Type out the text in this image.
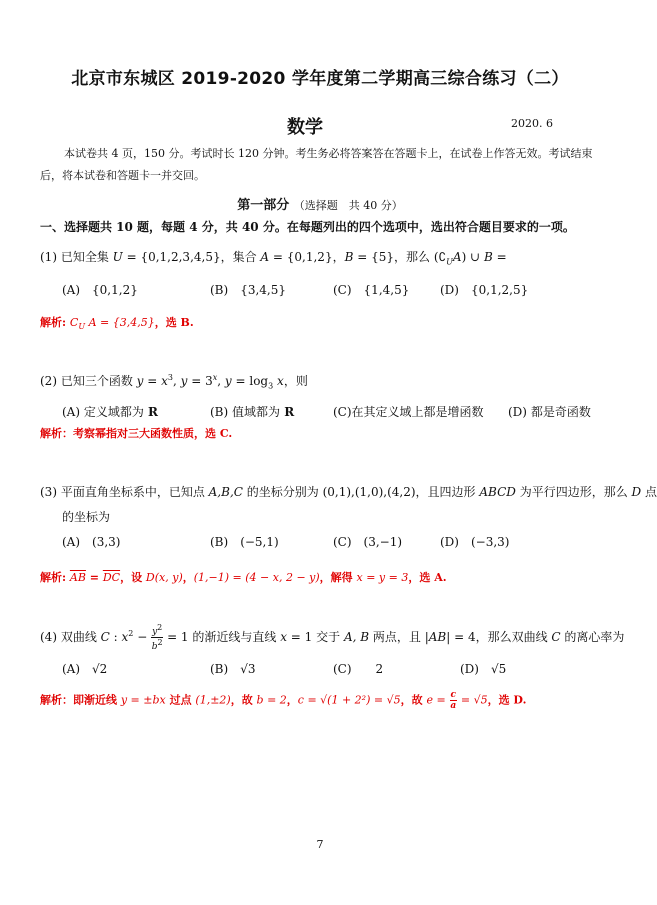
北京市东城区 2019-2020 学年度第二学期高三综合练习（二）
数学	2020. 6
本试卷共 4 页，150 分。考试时长 120 分钟。考生务必将答案答在答题卡上，在试卷上作答无效。考试结束后，将本试卷和答题卡一并交回。
第一部分 （选择题　共 40 分）
一、选择题共 10 题，每题 4 分，共 40 分。在每题列出的四个选项中，选出符合题目要求的一项。
(1) 已知全集 U = {0,1,2,3,4,5}，集合 A = {0,1,2}，B = {5}，那么 $(∁_UA)$ ∪ B =
(A)　{0,1,2}	(B)　{3,4,5}	(C)　{1,4,5}	(D)　{0,1,2,5}
解析: $C_U$ A = {3,4,5}，选 B.
(2) 已知三个函数 $y = x^3$, $y = 3^x$, $y = \log_3 x$，则
(A) 定义域都为 R	(B) 值域都为 R	(C)在其定义域上都是增函数 (D) 都是奇函数
解析：考察幂指对三大函数性质，选 C.
(3) 平面直角坐标系中，已知点 A,B,C 的坐标分别为 (0,1),(1,0),(4,2)，且四边形 ABCD 为平行四边形，那么 D 点
的坐标为
(A)　(3,3)	(B)　(−5,1)	(C)　(3,−1)	(D)　(−3,3)
解析: $\overline{AB} = \overline{DC}$，设 D(x, y)，(1,−1) = (4 − x, 2 − y)，解得 x = y = 3，选 A.
(4) 双曲线 C : $x^2 - \frac{y^2}{b^2} = 1$ 的渐近线与直线 x = 1 交于 A, B 两点，且 |AB| = 4，那么双曲线 C 的离心率为
(A)　√2	(B)　√3	(C)　　2	(D)　√5
解析：即渐近线 y = ±bx 过点 (1,±2)，故 b = 2，c = √(1 + 2²) = √5，故 $e = \frac{c}{a} = √5$，选 D.
7
